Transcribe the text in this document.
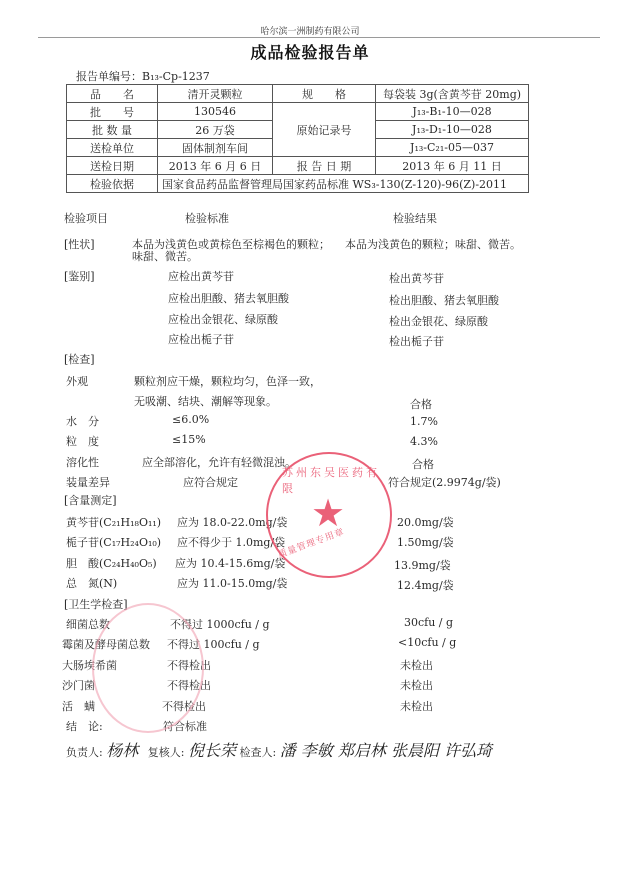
哈尔滨一洲制药有限公司
成品检验报告单
报告单编号：B₁₃-Cp-1237
品　　名	清开灵颗粒	规　　格	每袋装 3g(含黄芩苷 20mg)
批　　号	130546	原始记录号	J₁₃-B₁-10—028
批 数 量	26 万袋		J₁₃-D₁-10—028
送检单位	固体制剂车间		J₁₃-C₂₁-05—037
送检日期	2013 年 6 月 6 日	报 告 日 期	2013 年 6 月 11 日
检验依据	国家食品药品监督管理局国家药品标准 WS₃-130(Z-120)-96(Z)-2011		
检验项目	检验标准	检验结果
[性状]	本品为浅黄色或黄棕色至棕褐色的颗粒；
味甜、微苦。
本品为浅黄色的颗粒；味甜、微苦。
[鉴别]	应检出黄芩苷	检出黄芩苷
应检出胆酸、猪去氧胆酸	检出胆酸、猪去氧胆酸
应检出金银花、绿原酸	检出金银花、绿原酸
应检出栀子苷	检出栀子苷
[检查]
外观	颗粒剂应干燥，颗粒均匀，色泽一致，
无吸潮、结块、潮解等现象。	合格
水　分	≤6.0%	1.7%
粒　度	≤15%	4.3%
溶化性	应全部溶化，允许有轻微混浊。	合格
装量差异	应符合规定	符合规定(2.9974g/袋)
[含量测定]
黄芩苷(C₂₁H₁₈O₁₁) 应为 18.0-22.0mg/袋	20.0mg/袋
栀子苷(C₁₇H₂₄O₁₀) 应不得少于 1.0mg/袋	1.50mg/袋
胆　酸(C₂₄H₄₀O₅) 应为 10.4-15.6mg/袋	13.9mg/袋
总　氮(N)	应为 11.0-15.0mg/袋	12.4mg/袋
[卫生学检查]
细菌总数	不得过 1000cfu / g	30cfu / g
霉菌及酵母菌总数 不得过 100cfu / g	<10cfu / g
大肠埃希菌	不得检出	未检出
沙门菌	不得检出	未检出
活　螨	不得检出	未检出
结　论:	符合标准
负责人: 杨林 复核人: 倪长荣 检查人: 潘 李敏 郑启林 张晨阳 许弘琦
苏州东吴医药有限
★
质量管理专用章
